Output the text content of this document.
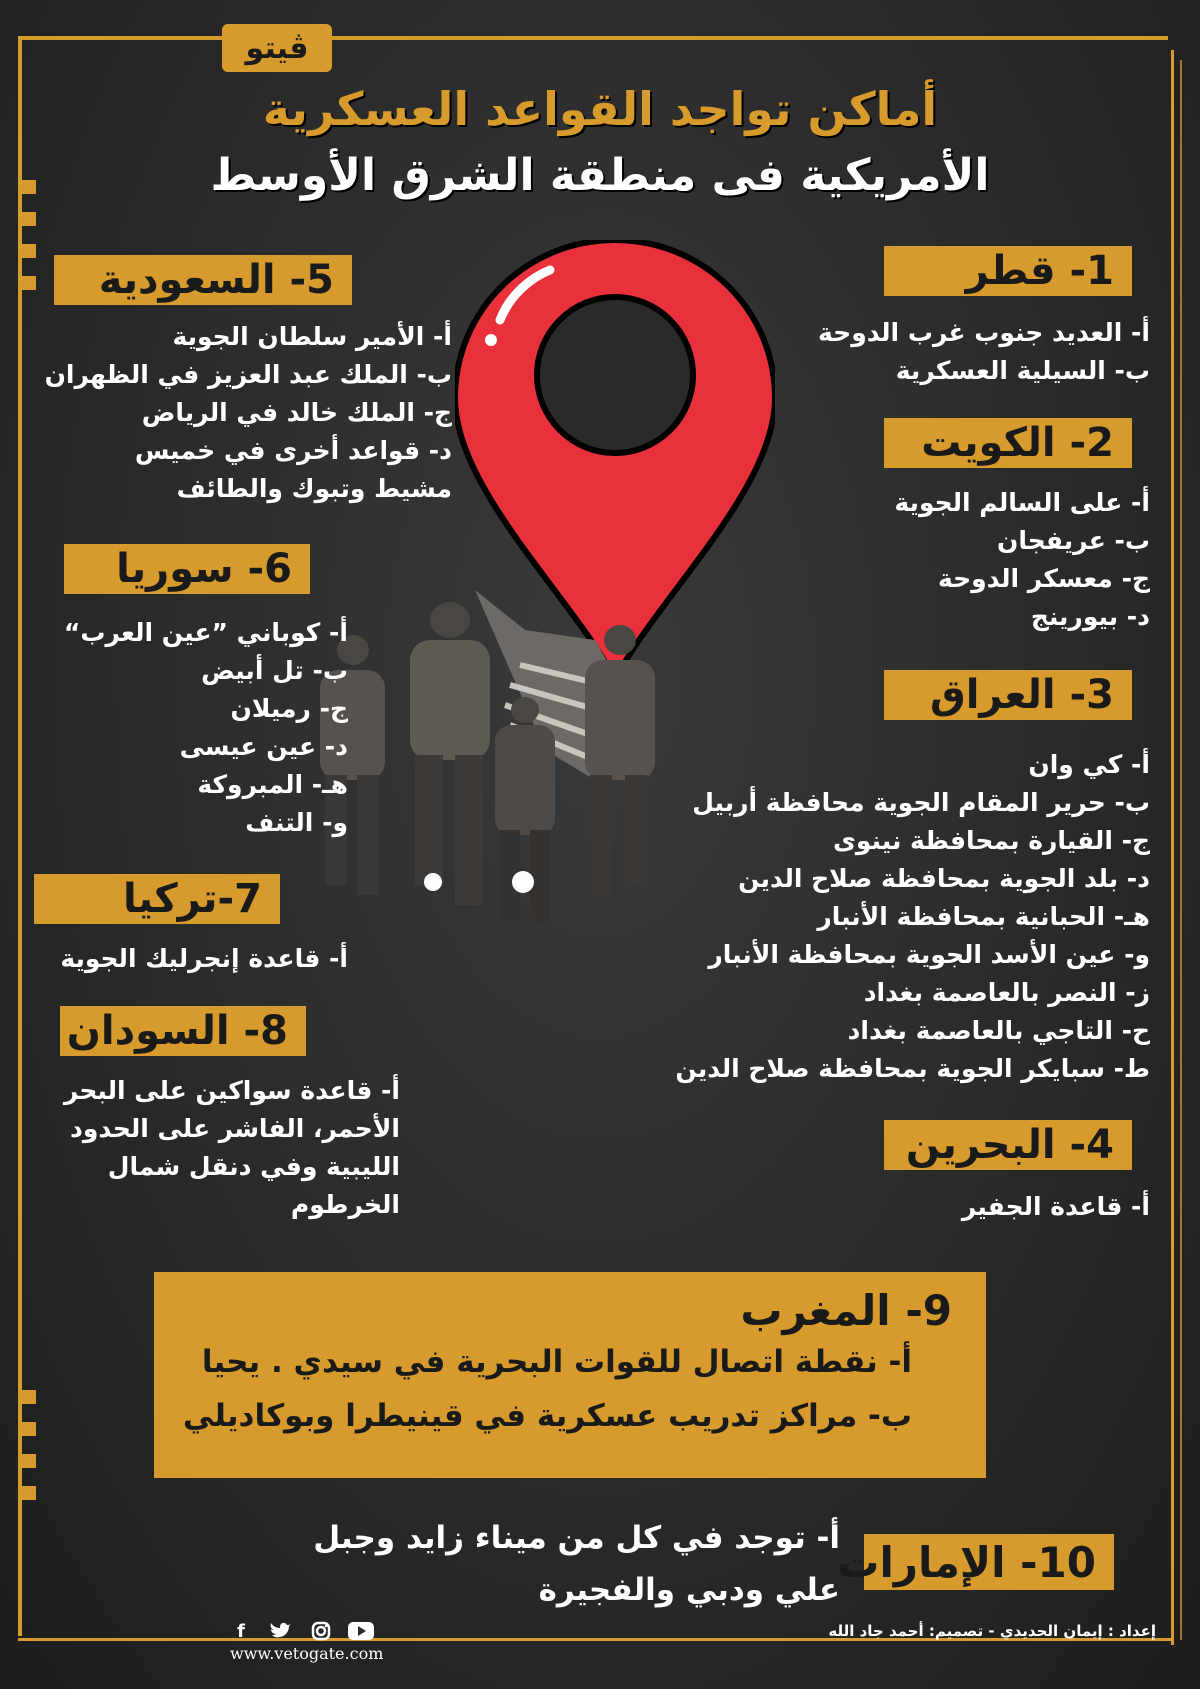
ڤيتو
أماكن تواجد القواعد العسكرية
الأمريكية فى منطقة الشرق الأوسط
1- قطر
أ- العديد جنوب غرب الدوحة
ب- السيلية العسكرية
2- الكويت
أ- على السالم الجوية
ب- عريفجان
ج- معسكر الدوحة
د- بيورينج
3- العراق
أ- كي وان
ب- حرير المقام الجوية محافظة أربيل
ج- القيارة بمحافظة نينوى
د- بلد الجوية بمحافظة صلاح الدين
هـ- الحبانية بمحافظة الأنبار
و- عين الأسد الجوية بمحافظة الأنبار
ز- النصر بالعاصمة بغداد
ح- التاجي بالعاصمة بغداد
ط- سبايكر الجوية بمحافظة صلاح الدين
4- البحرين
أ- قاعدة الجفير
5- السعودية
أ- الأمير سلطان الجوية
ب- الملك عبد العزيز في الظهران
ج- الملك خالد في الرياض
د- قواعد أخرى في خميس
مشيط وتبوك والطائف
6- سوريا
أ- كوباني ”عين العرب“
ب- تل أبيض
ج- رميلان
د- عين عيسى
هـ- المبروكة
و- التنف
7-تركيا
أ- قاعدة إنجرليك الجوية
8- السودان
أ- قاعدة سواكين على البحر
الأحمر، الفاشر على الحدود
الليبية وفي دنقل شمال
الخرطوم
9- المغرب
أ- نقطة اتصال للقوات البحرية في سيدي . يحيا
ب- مراكز تدريب عسكرية في قينيطرا وبوكاديلي
10- الإمارات
أ- توجد في كل من ميناء زايد وجبل
علي ودبي والفجيرة
f
www.vetogate.com
إعداد : إيمان الحديدي - تصميم: أحمد جاد الله
